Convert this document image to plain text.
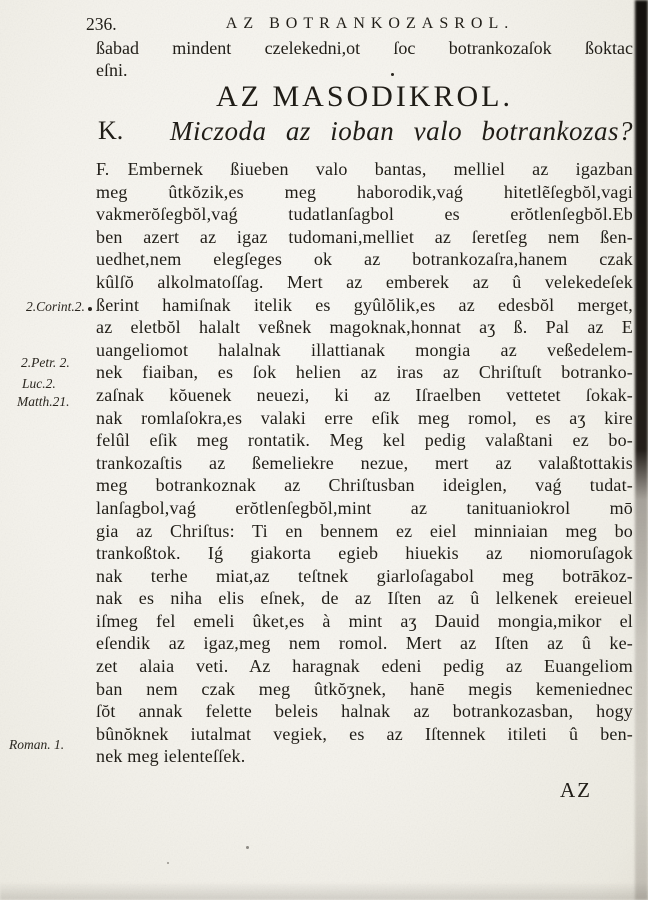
236.	AZ BOTRANKOZASROL.
ßabad mindent czelekedni,ot ſoc botrankozaſok ßoktac
eſni.
AZ MASODIKROL.
K.	Miczoda az ioban valo botrankozas?
F. Embernek ßiueben valo bantas, melliel az igazban
meg ûtkŏzik,es meg haborodik,vaǵ hitetlẽſegbŏl,vagi
vakmerŏſegbŏl,vaǵ tudatlanſagbol es erŏtlenſegbŏl.Eb
ben azert az igaz tudomani,melliet az ſeretſeg nem ßen-
uedhet,nem elegſeges ok az botrankozaſra,hanem czak
kûlſŏ alkolmatoſſag. Mert az emberek az û velekedeſek
ßerint hamiſnak itelik es gyûlŏlik,es az edesbŏl merget,
az eletbŏl halalt veßnek magoknak,honnat aʒ ß. Pal az E
uangeliomot halalnak illattianak mongia az veßedelem-
nek fiaiban, es ſok helien az iras az Chriſtuſt botranko-
zaſnak kŏuenek neuezi, ki az Iſraelben vettetet ſokak-
nak romlaſokra,es valaki erre eſik meg romol, es aʒ kire
felûl eſik meg rontatik. Meg kel pedig valaßtani ez bo-
trankozaſtis az ßemeliekre nezue, mert az valaßtottakis
meg botrankoznak az Chriſtusban ideiglen, vaǵ tudat-
lanſagbol,vaǵ erŏtlenſegbŏl,mint az tanituaniokrol mō
gia az Chriſtus: Ti en bennem ez eiel minniaian meg bo
trankoßtok. Iǵ giakorta egieb hiuekis az niomoruſagok
nak terhe miat,az teſtnek giarloſagabol meg botrākoz-
nak es niha elis eſnek, de az Iſten az û lelkenek ereieuel
iſmeg fel emeli ûket,es à mint aʒ Dauid mongia,mikor el
eſendik az igaz,meg nem romol. Mert az Iſten az û ke-
zet alaia veti. Az haragnak edeni pedig az Euangeliom
ban nem czak meg ûtkŏʒnek, hanē megis kemeniednec
ſŏt annak felette beleis halnak az botrankozasban, hogy
bûnŏknek iutalmat vegiek, es az Iſtennek itileti û ben-
nek meg ielenteſſek.
2.Corint.2.
2.Petr. 2.
Luc.2.
Matth.21.
Roman. 1.
AZ
